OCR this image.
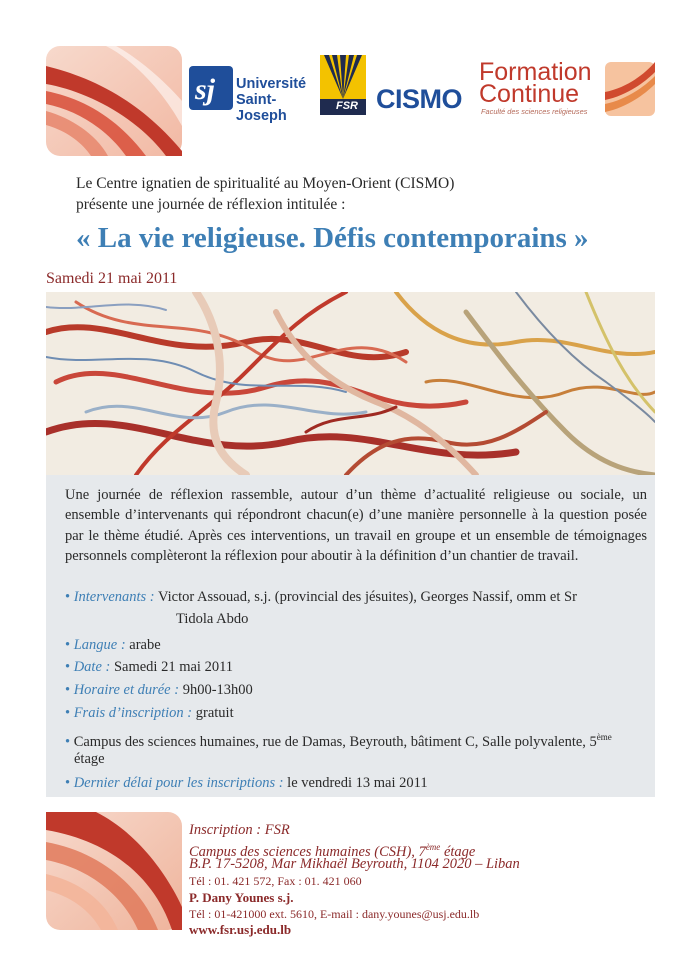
sj Université
Saint-Joseph
FSR CISMO
Formation
Continue
Faculté des sciences religieuses
Le Centre ignatien de spiritualité au Moyen-Orient (CISMO)
présente une journée de réflexion intitulée :
« La vie religieuse. Défis contemporains »
Samedi 21 mai 2011
Une journée de réflexion rassemble, autour d’un thème d’actualité religieuse ou sociale, un ensemble d’intervenants qui répondront chacun(e) d’une manière personnelle à la question posée par le thème étudié. Après ces interventions, un travail en groupe et un ensemble de témoignages personnels complèteront la réflexion pour aboutir à la définition d’un chantier de travail.
• Intervenants : Victor Assouad, s.j. (provincial des jésuites), Georges Nassif, omm et Sr
Tidola Abdo
• Langue : arabe
• Date : Samedi 21 mai 2011
• Horaire et durée : 9h00-13h00
• Frais d’inscription : gratuit
• Campus des sciences humaines, rue de Damas, Beyrouth, bâtiment C, Salle polyvalente, 5ème
étage
• Dernier délai pour les inscriptions : le vendredi 13 mai 2011
Inscription : FSR
Campus des sciences humaines (CSH), 7ème étage
B.P. 17-5208, Mar Mikhaël Beyrouth, 1104 2020 – Liban
Tél : 01. 421 572, Fax : 01. 421 060
P. Dany Younes s.j.
Tél : 01-421000 ext. 5610, E-mail : dany.younes@usj.edu.lb
www.fsr.usj.edu.lb
